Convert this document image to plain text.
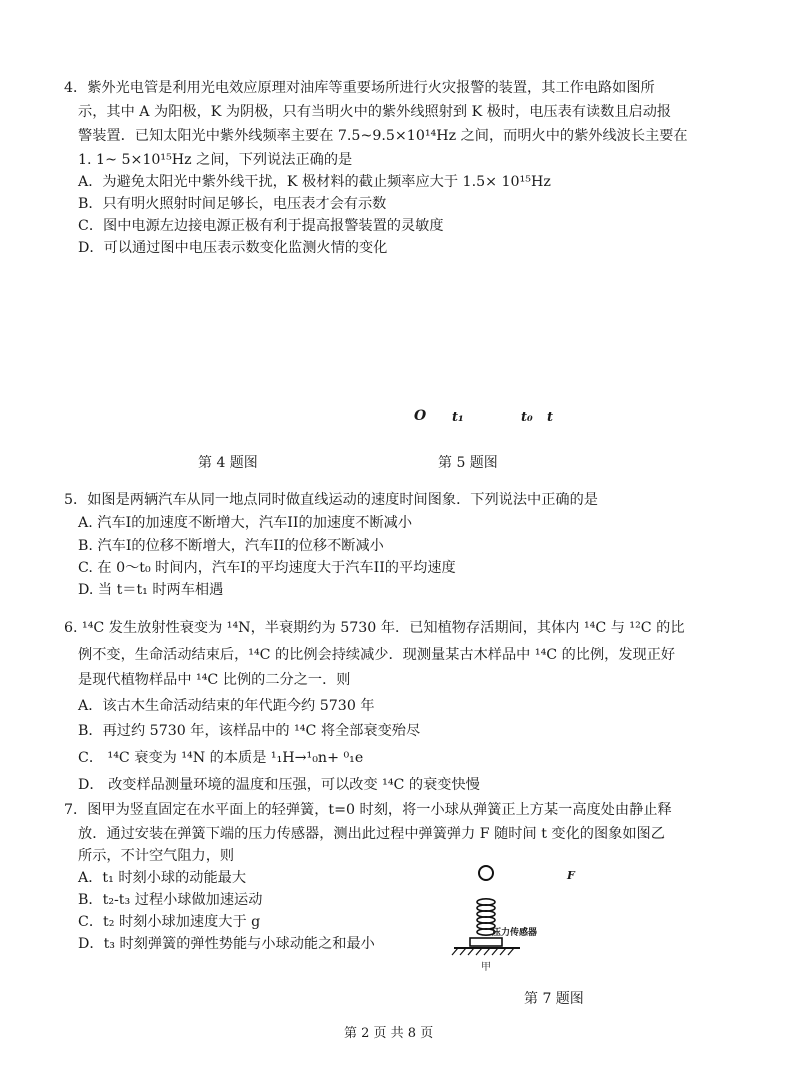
4．紫外光电管是利用光电效应原理对油库等重要场所进行火灾报警的装置，其工作电路如图所
示，其中 A 为阳极，K 为阴极，只有当明火中的紫外线照射到 K 极时，电压表有读数且启动报
警装置．已知太阳光中紫外线频率主要在 7.5~9.5×10¹⁴Hz 之间，而明火中的紫外线波长主要在
1. 1~ 5×10¹⁵Hz 之间，下列说法正确的是
A．为避免太阳光中紫外线干扰，K 极材料的截止频率应大于 1.5× 10¹⁵Hz
B．只有明火照射时间足够长，电压表才会有示数
C．图中电源左边接电源正极有利于提高报警装置的灵敏度
D．可以通过图中电压表示数变化监测火情的变化
O t₁	t₀ t
第 4 题图	第 5 题图
5．如图是两辆汽车从同一地点同时做直线运动的速度时间图象．下列说法中正确的是
A. 汽车I的加速度不断增大，汽车II的加速度不断减小
B. 汽车I的位移不断增大，汽车II的位移不断减小
C. 在 0～t₀ 时间内，汽车I的平均速度大于汽车II的平均速度
D. 当 t＝t₁ 时两车相遇
6. ¹⁴C 发生放射性衰变为 ¹⁴N，半衰期约为 5730 年．已知植物存活期间，其体内 ¹⁴C 与 ¹²C 的比
例不变，生命活动结束后，¹⁴C 的比例会持续减少．现测量某古木样品中 ¹⁴C 的比例，发现正好
是现代植物样品中 ¹⁴C 比例的二分之一．则
A．该古木生命活动结束的年代距今约 5730 年
B．再过约 5730 年，该样品中的 ¹⁴C 将全部衰变殆尽
C． ¹⁴C 衰变为 ¹⁴N 的本质是 ¹₁H→¹₀n+ ⁰₁e
D． 改变样品测量环境的温度和压强，可以改变 ¹⁴C 的衰变快慢
7．图甲为竖直固定在水平面上的轻弹簧，t=0 时刻，将一小球从弹簧正上方某一高度处由静止释
放．通过安装在弹簧下端的压力传感器，测出此过程中弹簧弹力 F 随时间 t 变化的图象如图乙
所示，不计空气阻力，则
A．t₁ 时刻小球的动能最大
B．t₂-t₃ 过程小球做加速运动
C．t₂ 时刻小球加速度大于 g
D．t₃ 时刻弹簧的弹性势能与小球动能之和最小
压力传感器
甲
F
第 7 题图
第 2 页 共 8 页
